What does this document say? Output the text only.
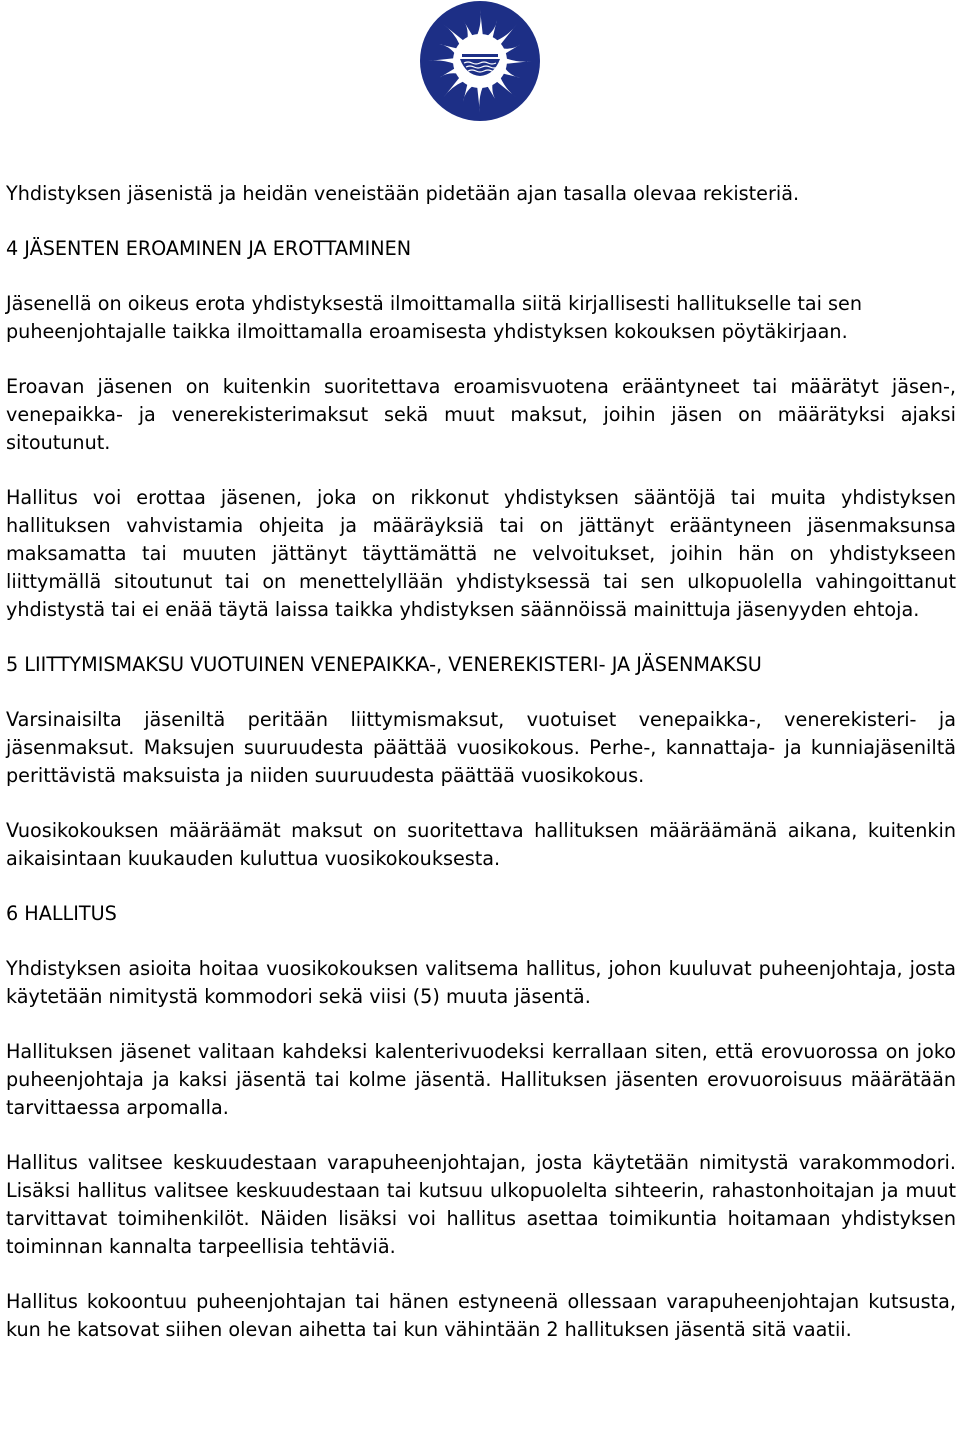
Yhdistyksen jäsenistä ja heidän veneistään pidetään ajan tasalla olevaa rekisteriä.

4 JÄSENTEN EROAMINEN JA EROTTAMINEN

Jäsenellä on oikeus erota yhdistyksestä ilmoittamalla siitä kirjallisesti hallitukselle tai sen puheenjohtajalle taikka ilmoittamalla eroamisesta yhdistyksen kokouksen pöytäkirjaan.

Eroavan jäsenen on kuitenkin suoritettava eroamisvuotena erääntyneet tai määrätyt jäsen-, venepaikka- ja venerekisterimaksut sekä muut maksut, joihin jäsen on määrätyksi ajaksi sitoutunut.

Hallitus voi erottaa jäsenen, joka on rikkonut yhdistyksen sääntöjä tai muita yhdistyksen hallituksen vahvistamia ohjeita ja määräyksiä tai on jättänyt erääntyneen jäsenmaksunsa maksamatta tai muuten jättänyt täyttämättä ne velvoitukset, joihin hän on yhdistykseen liittymällä sitoutunut tai on menettelyllään yhdistyksessä tai sen ulkopuolella vahingoittanut yhdistystä tai ei enää täytä laissa taikka yhdistyksen säännöissä mainittuja jäsenyyden ehtoja.

5 LIITTYMISMAKSU VUOTUINEN VENEPAIKKA-, VENEREKISTERI- JA JÄSENMAKSU

Varsinaisilta jäseniltä peritään liittymismaksut, vuotuiset venepaikka-, venerekisteri- ja jäsenmaksut. Maksujen suuruudesta päättää vuosikokous. Perhe-, kannattaja- ja kunniajäseniltä perittävistä maksuista ja niiden suuruudesta päättää vuosikokous.

Vuosikokouksen määräämät maksut on suoritettava hallituksen määräämänä aikana, kuitenkin aikaisintaan kuukauden kuluttua vuosikokouksesta.

6 HALLITUS

Yhdistyksen asioita hoitaa vuosikokouksen valitsema hallitus, johon kuuluvat puheenjohtaja, josta käytetään nimitystä kommodori sekä viisi (5) muuta jäsentä.

Hallituksen jäsenet valitaan kahdeksi kalenterivuodeksi kerrallaan siten, että erovuorossa on joko puheenjohtaja ja kaksi jäsentä tai kolme jäsentä. Hallituksen jäsenten erovuoroisuus määrätään tarvittaessa arpomalla.

Hallitus valitsee keskuudestaan varapuheenjohtajan, josta käytetään nimitystä varakommodori. Lisäksi hallitus valitsee keskuudestaan tai kutsuu ulkopuolelta sihteerin, rahastonhoitajan ja muut tarvittavat toimihenkilöt. Näiden lisäksi voi hallitus asettaa toimikuntia hoitamaan yhdistyksen toiminnan kannalta tarpeellisia tehtäviä.

Hallitus kokoontuu puheenjohtajan tai hänen estyneenä ollessaan varapuheenjohtajan kutsusta, kun he katsovat siihen olevan aihetta tai kun vähintään 2 hallituksen jäsentä sitä vaatii.
